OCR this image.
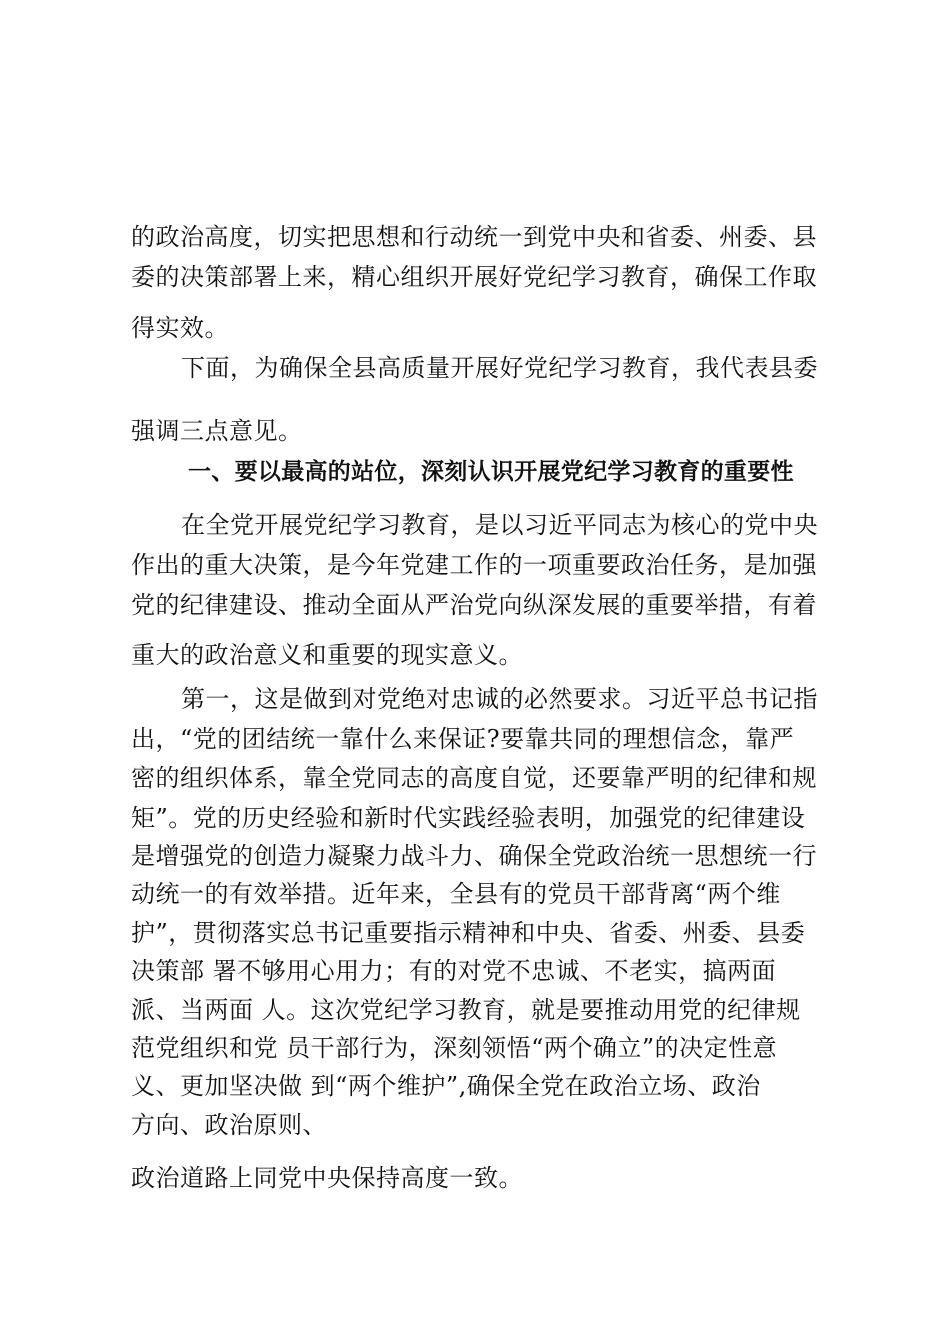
的政治高度，切实把思想和行动统一到党中央和省委、州委、县
委的决策部署上来，精心组织开展好党纪学习教育，确保工作取
得实效。
下面，为确保全县高质量开展好党纪学习教育，我代表县委
强调三点意见。
一、要以最高的站位，深刻认识开展党纪学习教育的重要性
在全党开展党纪学习教育，是以习近平同志为核心的党中央
作出的重大决策，是今年党建工作的一项重要政治任务，是加强
党的纪律建设、推动全面从严治党向纵深发展的重要举措，有着
重大的政治意义和重要的现实意义。
第一，这是做到对党绝对忠诚的必然要求。习近平总书记指
出，“党的团结统一靠什么来保证?要靠共同的理想信念，靠严
密的组织体系，靠全党同志的高度自觉，还要靠严明的纪律和规
矩”。党的历史经验和新时代实践经验表明，加强党的纪律建设
是增强党的创造力凝聚力战斗力、确保全党政治统一思想统一行
动统一的有效举措。近年来，全县有的党员干部背离“两个维
护”，贯彻落实总书记重要指示精神和中央、省委、州委、县委
决策部 署不够用心用力；有的对党不忠诚、不老实，搞两面
派、当两面 人。这次党纪学习教育，就是要推动用党的纪律规
范党组织和党 员干部行为，深刻领悟“两个确立”的决定性意
义、更加坚决做 到“两个维护”,确保全党在政治立场、政治
方向、政治原则、
政治道路上同党中央保持高度一致。
